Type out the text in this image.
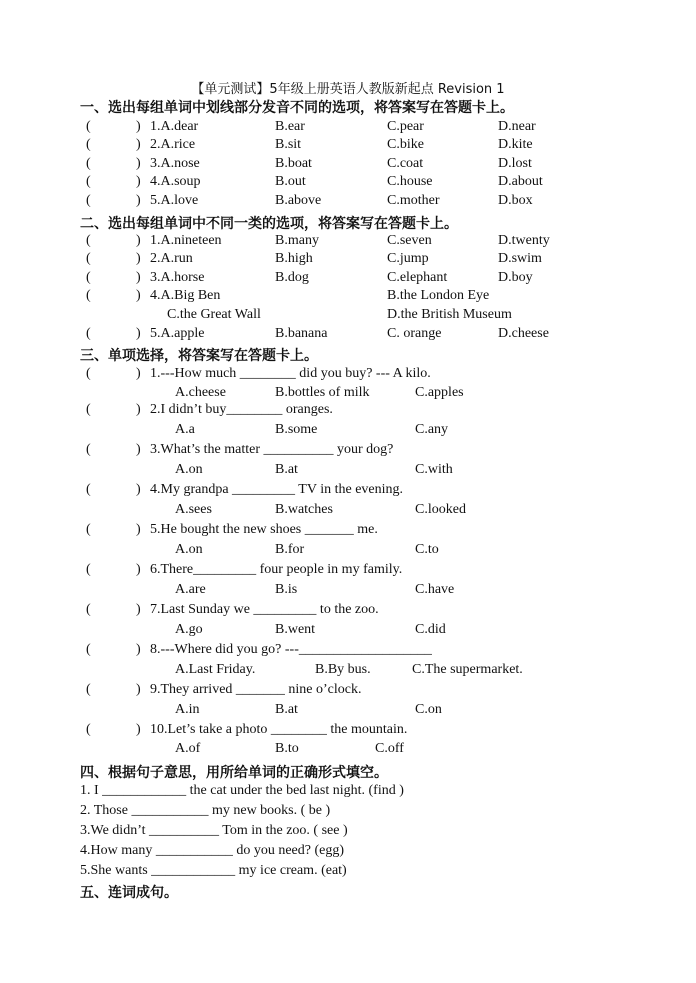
【单元测试】5年级上册英语人教版新起点 Revision 1
一、选出每组单词中划线部分发音不同的选项，将答案写在答题卡上。
(	) 1.A.dear	B.ear	C.pear	D.near
(	) 2.A.rice	B.sit	C.bike	D.kite
(	) 3.A.nose	B.boat	C.coat	D.lost
(	) 4.A.soup	B.out	C.house	D.about
(	) 5.A.love	B.above	C.mother	D.box
二、选出每组单词中不同一类的选项，将答案写在答题卡上。
(	) 1.A.nineteen	B.many	C.seven	D.twenty
(	) 2.A.run	B.high	C.jump	D.swim
(	) 3.A.horse	B.dog	C.elephant	D.boy
(	) 4.A.Big Ben	B.the London Eye
C.the Great Wall	D.the British Museum
(	) 5.A.apple	B.banana	C. orange	D.cheese
三、单项选择，将答案写在答题卡上。
(	) 1.---How much ________ did you buy? --- A kilo.
A.cheese	B.bottles of milk	C.apples
(	) 2.I didn’t buy________ oranges.
A.a	B.some	C.any
(	) 3.What’s the matter __________ your dog?
A.on	B.at	C.with
(	) 4.My grandpa _________ TV in the evening.
A.sees	B.watches	C.looked
(	) 5.He bought the new shoes _______ me.
A.on	B.for	C.to
(	) 6.There_________ four people in my family.
A.are	B.is	C.have
(	) 7.Last Sunday we _________ to the zoo.
A.go	B.went	C.did
(	) 8.---Where did you go? ---___________________
A.Last Friday.	B.By bus.	C.The supermarket.
(	) 9.They arrived _______ nine o’clock.
A.in	B.at	C.on
(	) 10.Let’s take a photo ________ the mountain.
A.of	B.to	C.off
四、根据句子意思，用所给单词的正确形式填空。
1. I ____________ the cat under the bed last night. (find )
2. Those ___________ my new books. ( be )
3.We didn’t __________ Tom in the zoo. ( see )
4.How many ___________ do you need? (egg)
5.She wants ____________ my ice cream. (eat)
五、连词成句。
